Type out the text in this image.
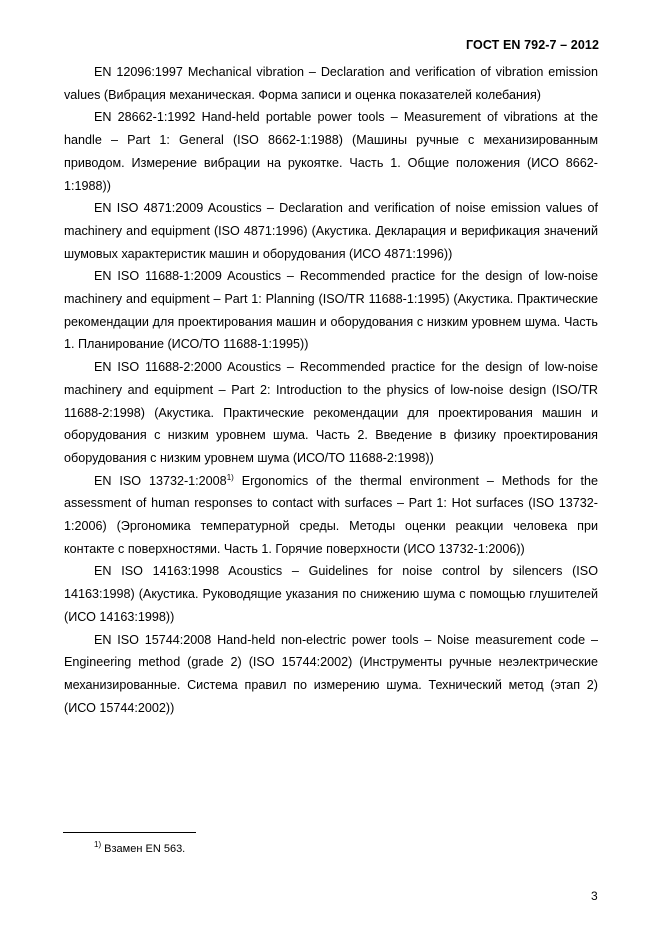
ГОСТ EN 792-7 – 2012

EN 12096:1997 Mechanical vibration – Declaration and verification of vibration emission values (Вибрация механическая. Форма записи и оценка показателей колебания)

EN 28662-1:1992 Hand-held portable power tools – Measurement of vibrations at the handle – Part 1: General (ISO 8662-1:1988) (Машины ручные с механизированным приводом. Измерение вибрации на рукоятке. Часть 1. Общие положения (ИСО 8662-1:1988))

EN ISO 4871:2009 Acoustics – Declaration and verification of noise emission values of machinery and equipment (ISO 4871:1996) (Акустика. Декларация и верификация значений шумовых характеристик машин и оборудования (ИСО 4871:1996))

EN ISO 11688-1:2009 Acoustics – Recommended practice for the design of low-noise machinery and equipment – Part 1: Planning (ISO/TR 11688-1:1995) (Акустика. Практические рекомендации для проектирования машин и оборудования с низким уровнем шума. Часть 1. Планирование (ИСО/ТО 11688-1:1995))

EN ISO 11688-2:2000 Acoustics – Recommended practice for the design of low-noise machinery and equipment – Part 2: Introduction to the physics of low-noise design (ISO/TR 11688-2:1998) (Акустика. Практические рекомендации для проектирования машин и оборудования с низким уровнем шума. Часть 2. Введение в физику проектирования оборудования с низким уровнем шума (ИСО/ТО 11688-2:1998))

EN ISO 13732-1:2008$^{1)}$ Ergonomics of the thermal environment – Methods for the assessment of human responses to contact with surfaces – Part 1: Hot surfaces (ISO 13732-1:2006) (Эргономика температурной среды. Методы оценки реакции человека при контакте с поверхностями. Часть 1. Горячие поверхности (ИСО 13732-1:2006))

EN ISO 14163:1998 Acoustics – Guidelines for noise control by silencers (ISO 14163:1998) (Акустика. Руководящие указания по снижению шума с помощью глушителей (ИСО 14163:1998))

EN ISO 15744:2008 Hand-held non-electric power tools – Noise measurement code – Engineering method (grade 2) (ISO 15744:2002) (Инструменты ручные неэлектрические механизированные. Система правил по измерению шума. Технический метод (этап 2) (ИСО 15744:2002))

$^{1)}$ Взамен EN 563.
3
